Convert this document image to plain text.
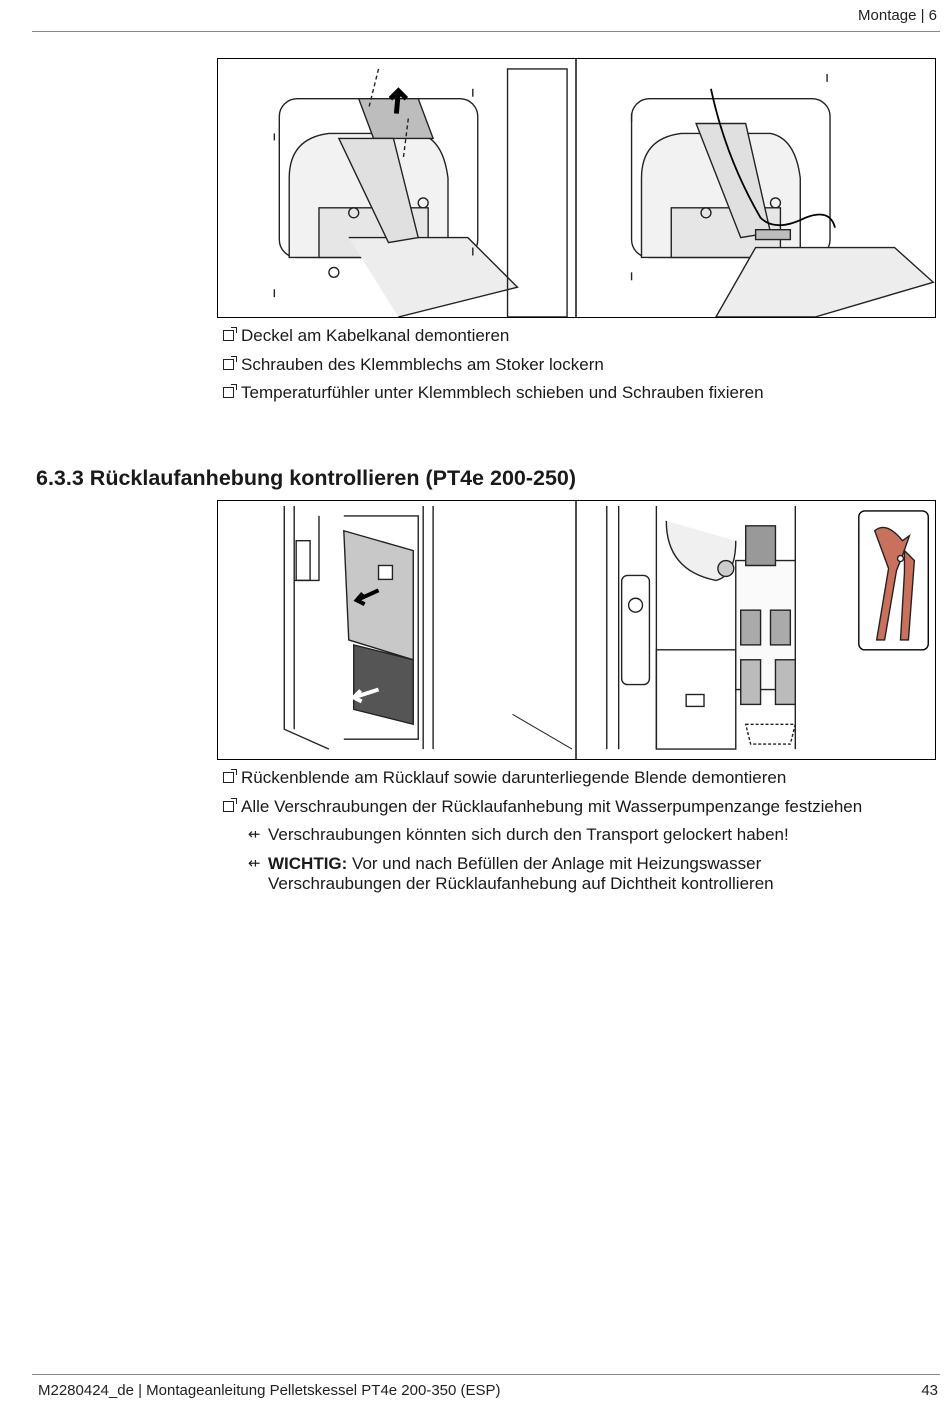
Montage | 6
Deckel am Kabelkanal demontieren
Schrauben des Klemmblechs am Stoker lockern
Temperaturfühler unter Klemmblech schieben und Schrauben fixieren
6.3.3 Rücklaufanhebung kontrollieren (PT4e 200-250)
Rückenblende am Rücklauf sowie darunterliegende Blende demontieren
Alle Verschraubungen der Rücklaufanhebung mit Wasserpumpenzange festziehen
⇷ Verschraubungen könnten sich durch den Transport gelockert haben!
⇷ WICHTIG: Vor und nach Befüllen der Anlage mit Heizungswasser
Verschraubungen der Rücklaufanhebung auf Dichtheit kontrollieren
M2280424_de | Montageanleitung Pelletskessel PT4e 200-350 (ESP)	43
